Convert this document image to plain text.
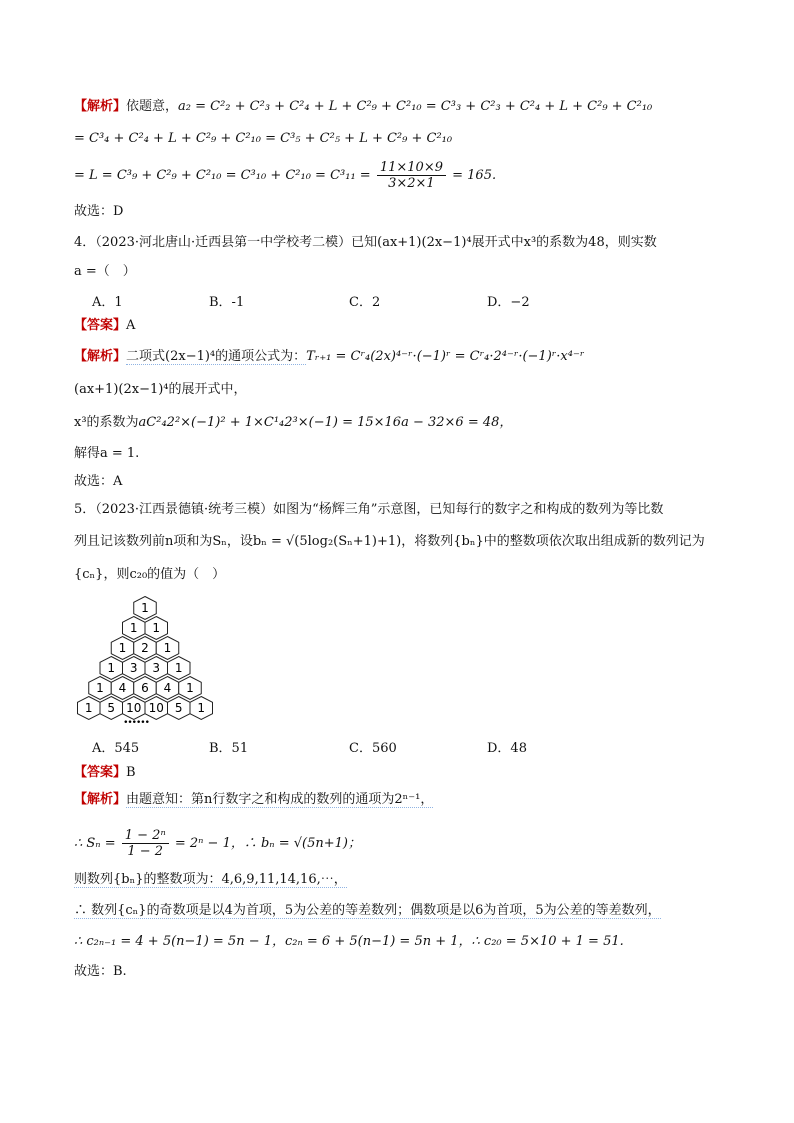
【解析】依题意，a₂ = C²₂ + C²₃ + C²₄ + L + C²₉ + C²₁₀ = C³₃ + C²₃ + C²₄ + L + C²₉ + C²₁₀
= C³₄ + C²₄ + L + C²₉ + C²₁₀ = C³₅ + C²₅ + L + C²₉ + C²₁₀
= $L = C^3_9 + C^2_9 + C^2_{10} = C^3_{10} + C^2_{10} = C^3_{11} = \frac{11\times 10\times 9}{3\times 2\times 1} = 165$.
故选：D
4．（2023·河北唐山·迁西县第一中学校考二模）已知(ax+1)(2x−1)⁴展开式中x³的系数为48，则实数
a =（　）
A．1	B．-1	C．2	D．−2
【答案】A
【解析】二项式(2x−1)⁴的通项公式为：Tᵣ₊₁ = Cʳ₄(2x)⁴⁻ʳ·(−1)ʳ = Cʳ₄·2⁴⁻ʳ·(−1)ʳ·x⁴⁻ʳ
(ax+1)(2x−1)⁴的展开式中，
x³的系数为aC²₄2²×(−1)² + 1×C¹₄2³×(−1) = 15×16a − 32×6 = 48，
解得a = 1.
故选：A
5．（2023·江西景德镇·统考三模）如图为“杨辉三角”示意图，已知每行的数字之和构成的数列为等比数
列且记该数列前n项和为Sₙ，设bₙ = √(5log₂(Sₙ+1)+1)，将数列{bₙ}中的整数项依次取出组成新的数列记为
{cₙ}，则c₂₀的值为（　）
1
1 1
1 2 1
1 3 3 1
1 4 6 4 1
1 5 10 10 5 1
••••••
A．545	B．51	C．560	D．48
【答案】B
【解析】由题意知：第n行数字之和构成的数列的通项为2ⁿ⁻¹，
∴ $S_n = \frac{\text{1 − 2ⁿ}}{1 - 2} = 2^n - 1$，∴ bₙ = √(5n+1)；
则数列{bₙ}的整数项为：4,6,9,11,14,16,⋯，
∴ 数列{cₙ}的奇数项是以4为首项，5为公差的等差数列；偶数项是以6为首项，5为公差的等差数列，
∴ c₂ₙ₋₁ = 4 + 5(n−1) = 5n − 1，c₂ₙ = 6 + 5(n−1) = 5n + 1，∴ c₂₀ = 5×10 + 1 = 51.
故选：B.
